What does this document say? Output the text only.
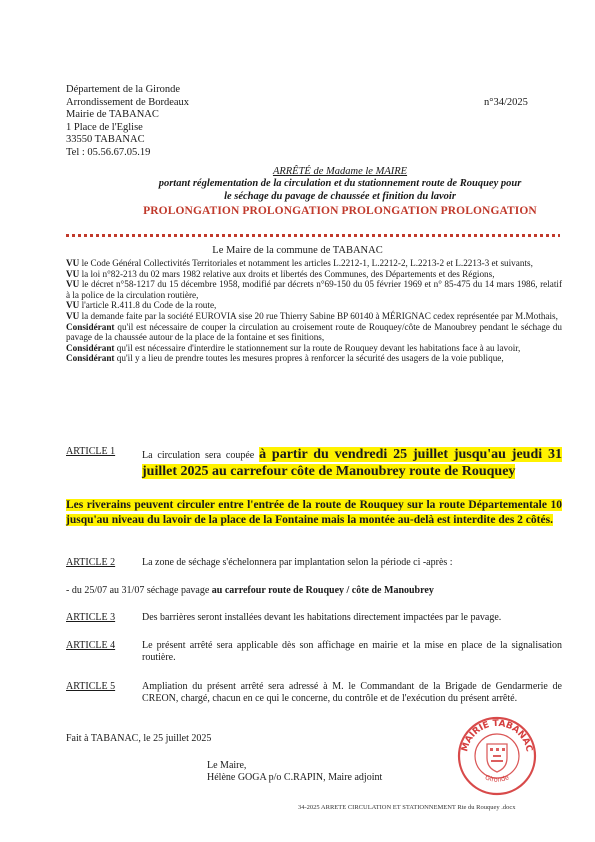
Département de la Gironde
Arrondissement de Bordeaux
Mairie de TABANAC
1 Place de l'Eglise
33550 TABANAC
Tel : 05.56.67.05.19
n°34/2025
ARRÊTÉ de Madame le MAIRE
portant réglementation de la circulation et du stationnement route de Rouquey pour
le séchage du pavage de chaussée et finition du lavoir
PROLONGATION PROLONGATION PROLONGATION PROLONGATION
Le Maire de la commune de TABANAC

VU le Code Général Collectivités Territoriales et notamment les articles L.2212-1, L.2212-2, L.2213-2 et L.2213-3 et suivants,

VU la loi n°82-213 du 02 mars 1982 relative aux droits et libertés des Communes, des Départements et des Régions,

VU le décret n°58-1217 du 15 décembre 1958, modifié par décrets n°69-150 du 05 février 1969 et n° 85-475 du 14 mars 1986, relatif à la police de la circulation routière,

VU l'article R.411.8 du Code de la route,

VU la demande faite par la société EUROVIA sise 20 rue Thierry Sabine BP 60140 à MÉRIGNAC cedex représentée par M.Mothais,

Considérant qu'il est nécessaire de couper la circulation au croisement route de Rouquey/côte de Manoubrey pendant le séchage du pavage de la chaussée autour de la place de la fontaine et ses finitions,

Considérant qu'il est nécessaire d'interdire le stationnement sur la route de Rouquey devant les habitations face à au lavoir,

Considérant qu'il y a lieu de prendre toutes les mesures propres à renforcer la sécurité des usagers de la voie publique,

ARTICLE 1	La circulation sera coupée à partir du vendredi 25 juillet jusqu'au jeudi 31 juillet 2025 au carrefour côte de Manoubrey route de Rouquey
Les riverains peuvent circuler entre l'entrée de la route de Rouquey sur la route Départementale 10 jusqu'au niveau du lavoir de la place de la Fontaine mais la montée au-delà est interdite des 2 côtés.
ARTICLE 2	La zone de séchage s'échelonnera par implantation selon la période ci -après :
- du 25/07 au 31/07 séchage pavage au carrefour route de Rouquey / côte de Manoubrey
ARTICLE 3	Des barrières seront installées devant les habitations directement impactées par le pavage.
ARTICLE 4	Le présent arrêté sera applicable dès son affichage en mairie et la mise en place de la signalisation routière.
ARTICLE 5	Ampliation du présent arrêté sera adressé à M. le Commandant de la Brigade de Gendarmerie de CREON, chargé, chacun en ce qui le concerne, du contrôle et de l'exécution du présent arrêté.
Fait à TABANAC, le 25 juillet 2025
Le Maire,
Hélène GOGA p/o C.RAPIN, Maire adjoint
MAIRIE TABANAC
Gironde
34-2025 ARRETE CIRCULATION ET STATIONNEMENT Rte du Rouquey .docx
